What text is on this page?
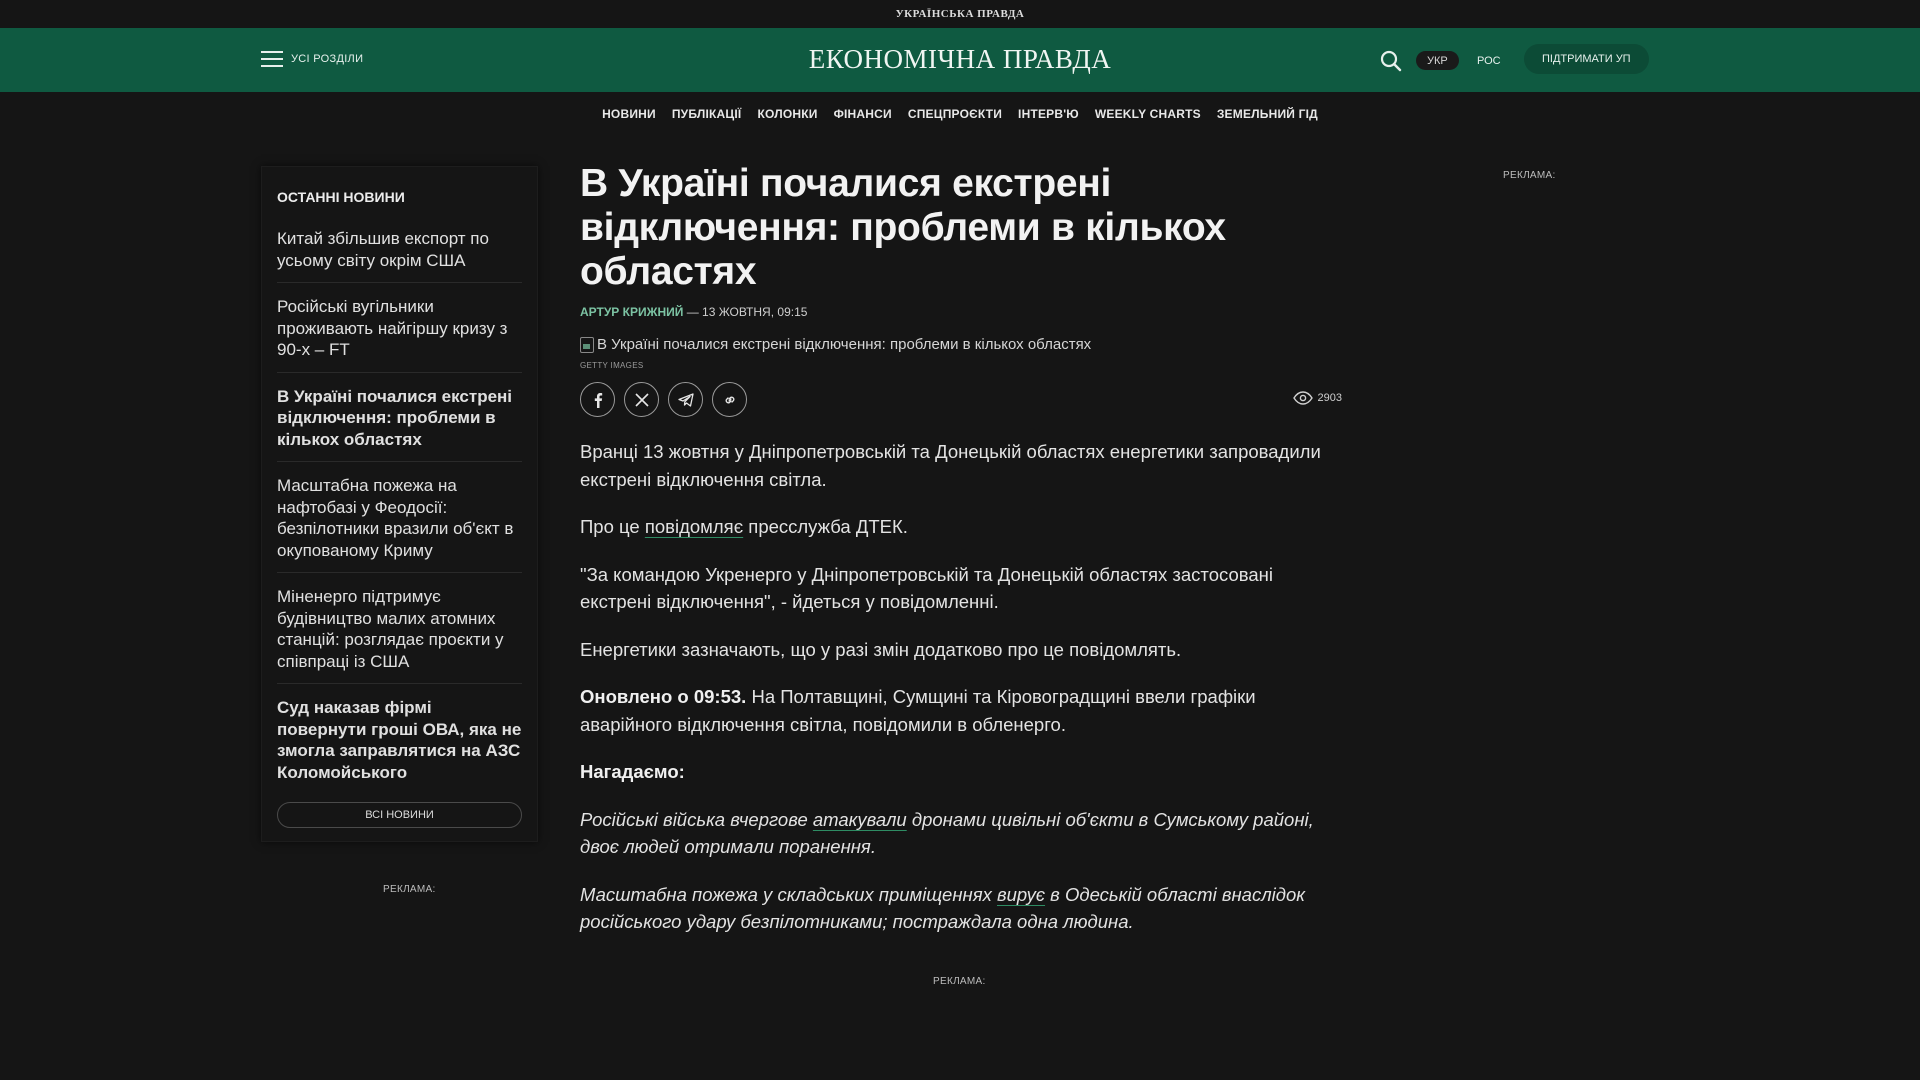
УКРАЇНСЬКА ПРАВДА
УСІ РОЗДІЛИ	ЕКОНОМІЧНА ПРАВДА	УКР	РОС	ПІДТРИМАТИ УП
НОВИНИ ПУБЛІКАЦІЇ КОЛОНКИ ФІНАНСИ СПЕЦПРОЄКТИ ІНТЕРВ'Ю WEEKLY CHARTS ЗЕМЕЛЬНИЙ ГІД
ОСТАННІ НОВИНИ
Китай збільшив експорт по усьому світу окрім США
Російські вугільники проживають найгіршу кризу з 90-х – FT
В Україні почалися екстрені відключення: проблеми в кількох областях
Масштабна пожежа на нафтобазі у Феодосії: безпілотники вразили об'єкт в окупованому Криму
Міненерго підтримує будівництво малих атомних станцій: розглядає проєкти у співпраці із США
Суд наказав фірмі повернути гроші ОВА, яка не змогла заправлятися на АЗС Коломойського
ВСІ НОВИНИ
РЕКЛАМА:
РЕКЛАМА:
В Україні почалися екстрені відключення: проблеми в кількох областях
АРТУР КРИЖНИЙ — 13 ЖОВТНЯ, 09:15
В Україні почалися екстрені відключення: проблеми в кількох областях
GETTY IMAGES
2903

Вранці 13 жовтня у Дніпропетровській та Донецькій областях енергетики запровадили екстрені відключення світла.

Про це повідомляє пресслужба ДТЕК.

"За командою Укренерго у Дніпропетровській та Донецькій областях застосовані екстрені відключення", - йдеться у повідомленні.

Енергетики зазначають, що у разі змін додатково про це повідомлять.

Оновлено о 09:53. На Полтавщині, Сумщині та Кіровоградщині ввели графіки аварійного відключення світла, повідомили в обленерго.

Нагадаємо:

Російські війська вчергове атакували дронами цивільні об'єкти в Сумському районі, двоє людей отримали поранення.

Масштабна пожежа у складських приміщеннях вирує в Одеській області внаслідок російського удару безпілотниками; постраждала одна людина.

РЕКЛАМА:
